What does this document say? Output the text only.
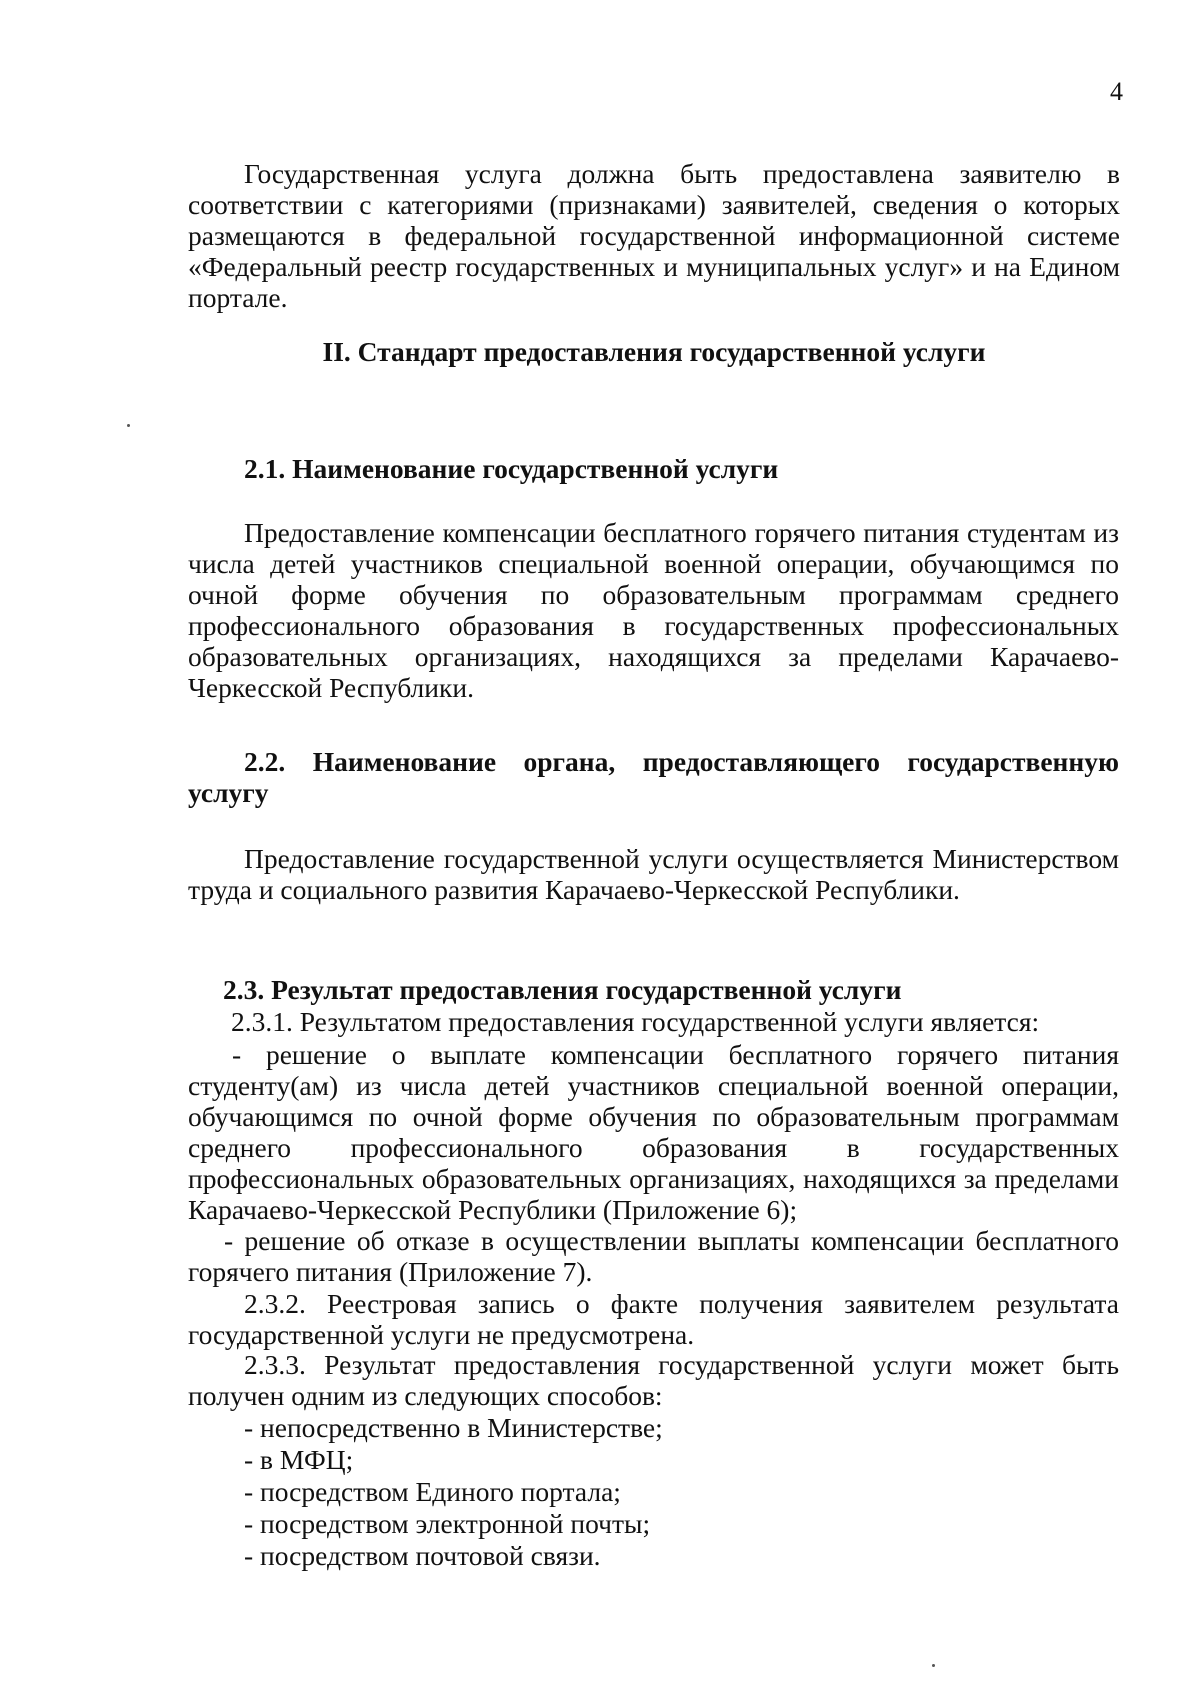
4

Государственная услуга должна быть предоставлена заявителю в соответствии с категориями (признаками) заявителей, сведения о которых размещаются в федеральной государственной информационной системе «Федеральный реестр государственных и муниципальных услуг» и на Едином портале.

II. Стандарт предоставления государственной услуги

2.1. Наименование государственной услуги

Предоставление компенсации бесплатного горячего питания студентам из числа детей участников специальной военной операции, обучающимся по очной форме обучения по образовательным программам среднего профессионального образования в государственных профессиональных образовательных организациях, находящихся за пределами Карачаево-Черкесской Республики.

2.2. Наименование органа, предоставляющего государственную услугу

Предоставление государственной услуги осуществляется Министерством труда и социального развития Карачаево-Черкесской Республики.

2.3. Результат предоставления государственной услуги

2.3.1. Результатом предоставления государственной услуги является:

- решение о выплате компенсации бесплатного горячего питания студенту(ам) из числа детей участников специальной военной операции, обучающимся по очной форме обучения по образовательным программам среднего профессионального образования в государственных профессиональных образовательных организациях, находящихся за пределами Карачаево-Черкесской Республики (Приложение 6);

- решение об отказе в осуществлении выплаты компенсации бесплатного горячего питания (Приложение 7).

2.3.2. Реестровая запись о факте получения заявителем результата государственной услуги не предусмотрена.

2.3.3. Результат предоставления государственной услуги может быть получен одним из следующих способов:

- непосредственно в Министерстве;

- в МФЦ;

- посредством Единого портала;

- посредством электронной почты;

- посредством почтовой связи.
